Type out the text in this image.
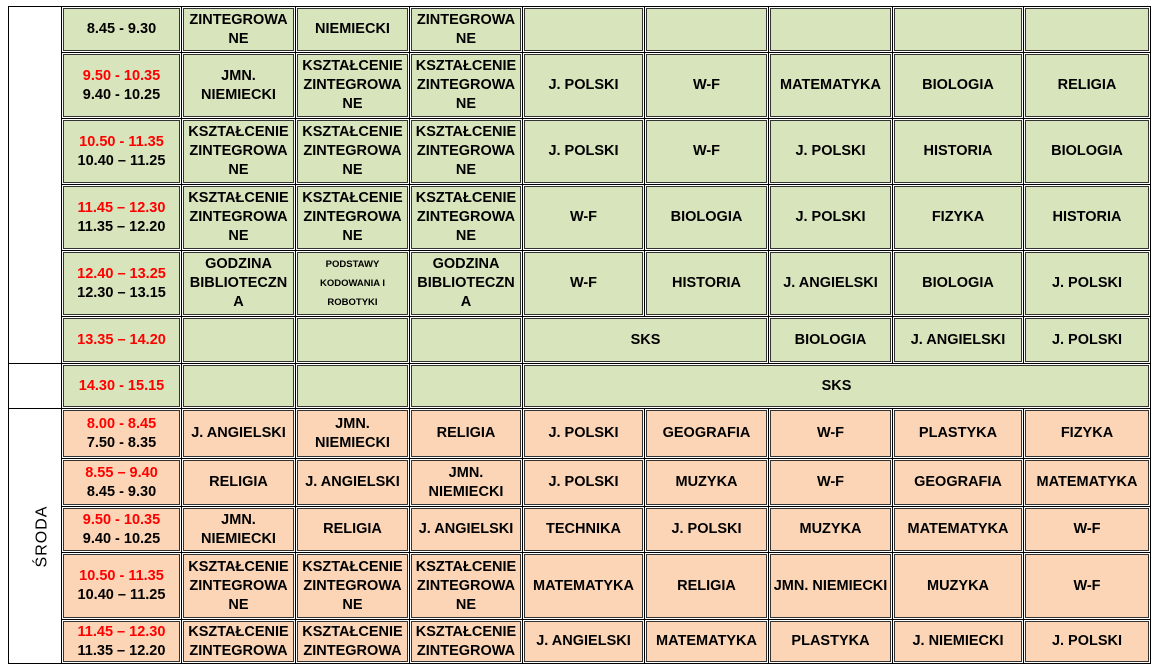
	8.45 - 9.30	ZINTEGROWA NE	NIEMIECKI	ZINTEGROWA NE						

	9.50 - 10.35
9.40 - 10.25	JMN. NIEMIECKI	KSZTAŁCENIE ZINTEGROWA NE	KSZTAŁCENIE ZINTEGROWA NE	J. POLSKI	W-F	MATEMATYKA	BIOLOGIA	RELIGIA	

	10.50 - 11.35
10.40 – 11.25	KSZTAŁCENIE ZINTEGROWA NE	KSZTAŁCENIE ZINTEGROWA NE	KSZTAŁCENIE ZINTEGROWA NE	J. POLSKI	W-F	J. POLSKI	HISTORIA	BIOLOGIA	

	11.45 – 12.30
11.35 – 12.20	KSZTAŁCENIE ZINTEGROWA NE	KSZTAŁCENIE ZINTEGROWA NE	KSZTAŁCENIE ZINTEGROWA NE	W-F	BIOLOGIA	J. POLSKI	FIZYKA	HISTORIA	

	12.40 – 13.25
12.30 – 13.15	GODZINA BIBLIOTECZN A	PODSTAWY KODOWANIA I ROBOTYKI	GODZINA BIBLIOTECZN A	W-F	HISTORIA	J. ANGIELSKI	BIOLOGIA	J. POLSKI	

	13.35 – 14.20				SKS		BIOLOGIA	J. ANGIELSKI	J. POLSKI	

	14.30 - 15.15				SKS	
ŚRODA	8.00 - 8.45
7.50 - 8.35	J. ANGIELSKI	JMN. NIEMIECKI	RELIGIA	J. POLSKI	GEOGRAFIA	W-F	PLASTYKA	FIZYKA	

	8.55 – 9.40
8.45 - 9.30	RELIGIA	J. ANGIELSKI	JMN. NIEMIECKI	J. POLSKI	MUZYKA	W-F	GEOGRAFIA	MATEMATYKA	

	9.50 - 10.35
9.40 - 10.25	JMN. NIEMIECKI	RELIGIA	J. ANGIELSKI	TECHNIKA	J. POLSKI	MUZYKA	MATEMATYKA	W-F	

	10.50 - 11.35
10.40 – 11.25	KSZTAŁCENIE ZINTEGROWA NE	KSZTAŁCENIE ZINTEGROWA NE	KSZTAŁCENIE ZINTEGROWA NE	MATEMATYKA	RELIGIA	JMN. NIEMIECKI	MUZYKA	W-F	

	11.45 – 12.30
11.35 – 12.20	KSZTAŁCENIE ZINTEGROWA	KSZTAŁCENIE ZINTEGROWA	KSZTAŁCENIE ZINTEGROWA	J. ANGIELSKI	MATEMATYKA	PLASTYKA	J. NIEMIECKI	J. POLSKI	
